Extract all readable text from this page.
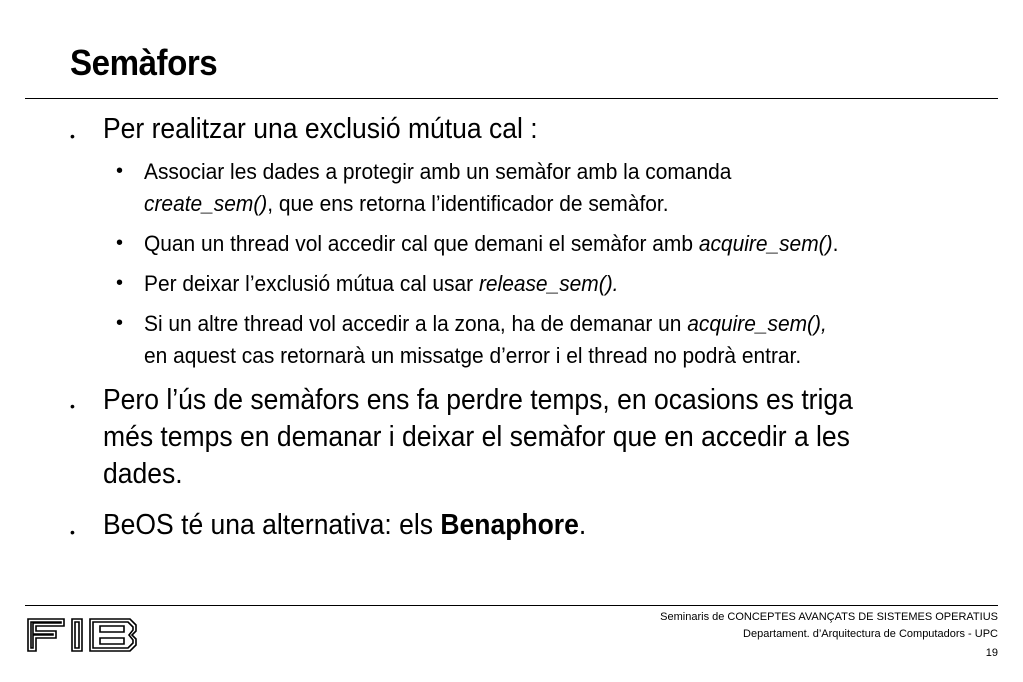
Semàfors
• Per realitzar una exclusió mútua cal :
• Associar les dades a protegir amb un semàfor amb la comanda
create_sem(), que ens retorna l’identificador de semàfor.
• Quan un thread vol accedir cal que demani el semàfor amb acquire_sem().
• Per deixar l’exclusió mútua cal usar release_sem().
• Si un altre thread vol accedir a la zona, ha de demanar un acquire_sem(),
en aquest cas retornarà un missatge d’error i el thread no podrà entrar.
• Pero l’ús de semàfors ens fa perdre temps, en ocasions es triga
més temps en demanar i deixar el semàfor que en accedir a les
dades.
• BeOS té una alternativa: els Benaphore.
Seminaris de CONCEPTES AVANÇATS DE SISTEMES OPERATIUS
Departament. d’Arquitectura de Computadors - UPC
19
